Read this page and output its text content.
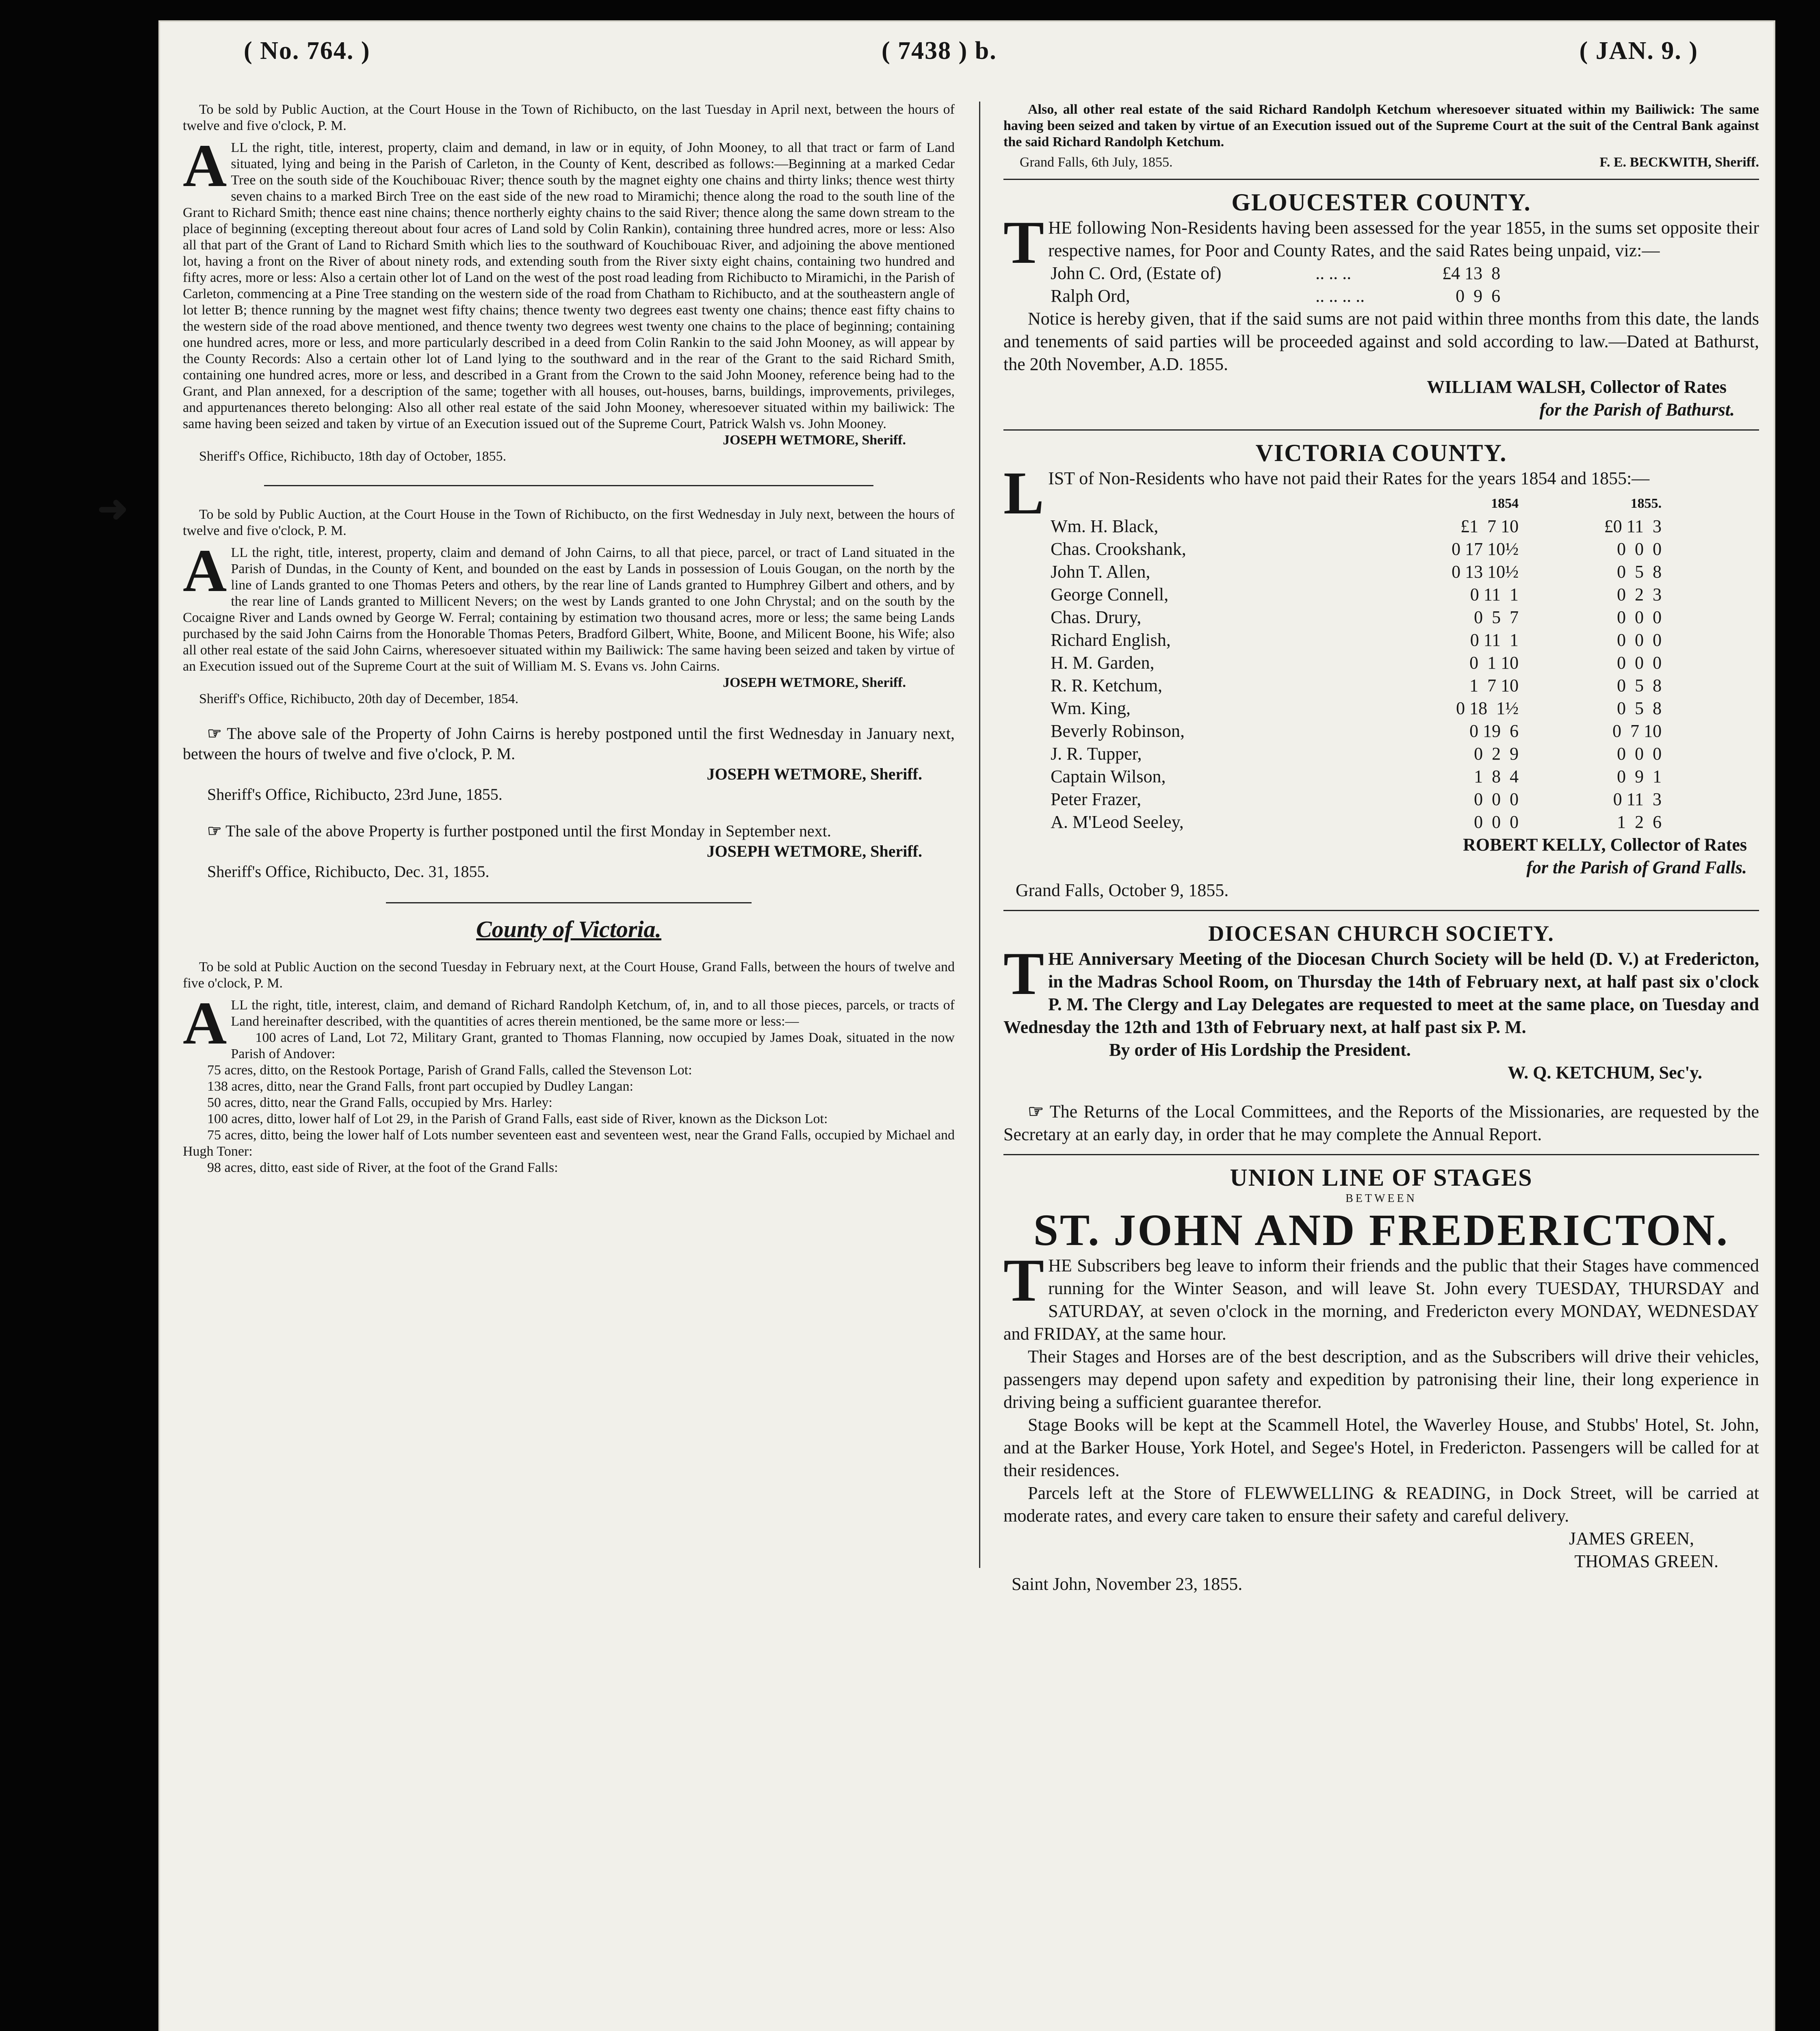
( No. 764. )	( 7438 ) b.	( JAN. 9. )

To be sold by Public Auction, at the Court House in the Town of Richibucto, on the last Tuesday in April next, between the hours of twelve and five o'clock, P. M.

ALL the right, title, interest, property, claim and demand, in law or in equity, of John Mooney, to all that tract or farm of Land situated, lying and being in the Parish of Carleton, in the County of Kent, described as follows:—Beginning at a marked Cedar Tree on the south side of the Kouchibouac River; thence south by the magnet eighty one chains and thirty links; thence west thirty seven chains to a marked Birch Tree on the east side of the new road to Miramichi; thence along the road to the south line of the Grant to Richard Smith; thence east nine chains; thence northerly eighty chains to the said River; thence along the same down stream to the place of beginning (excepting thereout about four acres of Land sold by Colin Rankin), containing three hundred acres, more or less: Also all that part of the Grant of Land to Richard Smith which lies to the southward of Kouchibouac River, and adjoining the above mentioned lot, having a front on the River of about ninety rods, and extending south from the River sixty eight chains, containing two hundred and fifty acres, more or less: Also a certain other lot of Land on the west of the post road leading from Richibucto to Miramichi, in the Parish of Carleton, commencing at a Pine Tree standing on the western side of the road from Chatham to Richibucto, and at the southeastern angle of lot letter B; thence running by the magnet west fifty chains; thence twenty two degrees east twenty one chains; thence east fifty chains to the western side of the road above mentioned, and thence twenty two degrees west twenty one chains to the place of beginning; containing one hundred acres, more or less, and more particularly described in a deed from Colin Rankin to the said John Mooney, as will appear by the County Records: Also a certain other lot of Land lying to the southward and in the rear of the Grant to the said Richard Smith, containing one hundred acres, more or less, and described in a Grant from the Crown to the said John Mooney, reference being had to the Grant, and Plan annexed, for a description of the same; together with all houses, out-houses, barns, buildings, improvements, privileges, and appurtenances thereto belonging: Also all other real estate of the said John Mooney, wheresoever situated within my bailiwick: The same having been seized and taken by virtue of an Execution issued out of the Supreme Court, Patrick Walsh vs. John Mooney.

JOSEPH WETMORE, Sheriff.

Sheriff's Office, Richibucto, 18th day of October, 1855.

To be sold by Public Auction, at the Court House in the Town of Richibucto, on the first Wednesday in July next, between the hours of twelve and five o'clock, P. M.

ALL the right, title, interest, property, claim and demand of John Cairns, to all that piece, parcel, or tract of Land situated in the Parish of Dundas, in the County of Kent, and bounded on the east by Lands in possession of Louis Gougan, on the north by the line of Lands granted to one Thomas Peters and others, by the rear line of Lands granted to Humphrey Gilbert and others, and by the rear line of Lands granted to Millicent Nevers; on the west by Lands granted to one John Chrystal; and on the south by the Cocaigne River and Lands owned by George W. Ferral; containing by estimation two thousand acres, more or less; the same being Lands purchased by the said John Cairns from the Honorable Thomas Peters, Bradford Gilbert, White, Boone, and Milicent Boone, his Wife; also all other real estate of the said John Cairns, wheresoever situated within my Bailiwick: The same having been seized and taken by virtue of an Execution issued out of the Supreme Court at the suit of William M. S. Evans vs. John Cairns.

JOSEPH WETMORE, Sheriff.

Sheriff's Office, Richibucto, 20th day of December, 1854.

☞ The above sale of the Property of John Cairns is hereby postponed until the first Wednesday in January next, between the hours of twelve and five o'clock, P. M.

JOSEPH WETMORE, Sheriff.

Sheriff's Office, Richibucto, 23rd June, 1855.

☞ The sale of the above Property is further postponed until the first Monday in September next.

JOSEPH WETMORE, Sheriff.

Sheriff's Office, Richibucto, Dec. 31, 1855.

County of Victoria.

To be sold at Public Auction on the second Tuesday in February next, at the Court House, Grand Falls, between the hours of twelve and five o'clock, P. M.

ALL the right, title, interest, claim, and demand of Richard Randolph Ketchum, of, in, and to all those pieces, parcels, or tracts of Land hereinafter described, with the quantities of acres therein mentioned, be the same more or less:—

100 acres of Land, Lot 72, Military Grant, granted to Thomas Flanning, now occupied by James Doak, situated in the now Parish of Andover:

75 acres, ditto, on the Restook Portage, Parish of Grand Falls, called the Stevenson Lot:

138 acres, ditto, near the Grand Falls, front part occupied by Dudley Langan:

50 acres, ditto, near the Grand Falls, occupied by Mrs. Harley:

100 acres, ditto, lower half of Lot 29, in the Parish of Grand Falls, east side of River, known as the Dickson Lot:

75 acres, ditto, being the lower half of Lots number seventeen east and seventeen west, near the Grand Falls, occupied by Michael and Hugh Toner:

98 acres, ditto, east side of River, at the foot of the Grand Falls:

Also, all other real estate of the said Richard Randolph Ketchum wheresoever situated within my Bailiwick: The same having been seized and taken by virtue of an Execution issued out of the Supreme Court at the suit of the Central Bank against the said Richard Randolph Ketchum.

Grand Falls, 6th July, 1855.	F. E. BECKWITH, Sheriff.
GLOUCESTER COUNTY.

THE following Non-Residents having been assessed for the year 1855, in the sums set opposite their respective names, for Poor and County Rates, and the said Rates being unpaid, viz:—

John C. Ord, (Estate of)	.. .. ..	£4 13  8
Ralph Ord,	.. .. .. ..	0  9  6

Notice is hereby given, that if the said sums are not paid within three months from this date, the lands and tenements of said parties will be proceeded against and sold according to law.—Dated at Bathurst, the 20th November, A.D. 1855.

WILLIAM WALSH, Collector of Rates

for the Parish of Bathurst.

VICTORIA COUNTY.

LIST of Non-Residents who have not paid their Rates for the years 1854 and 1855:—

	1854	1855.
Wm. H. Black,	£1  7 10	£0 11  3
Chas. Crookshank,	0 17 10½	0  0  0
John T. Allen,	0 13 10½	0  5  8
George Connell,	0 11  1	0  2  3
Chas. Drury,	0  5  7	0  0  0
Richard English,	0 11  1	0  0  0
H. M. Garden,	0  1 10	0  0  0
R. R. Ketchum,	1  7 10	0  5  8
Wm. King,	0 18  1½	0  5  8
Beverly Robinson,	0 19  6	0  7 10
J. R. Tupper,	0  2  9	0  0  0
Captain Wilson,	1  8  4	0  9  1
Peter Frazer,	0  0  0	0 11  3
A. M'Leod Seeley,	0  0  0	1  2  6

ROBERT KELLY, Collector of Rates

for the Parish of Grand Falls.

Grand Falls, October 9, 1855.

DIOCESAN CHURCH SOCIETY.

THE Anniversary Meeting of the Diocesan Church Society will be held (D. V.) at Fredericton, in the Madras School Room, on Thursday the 14th of February next, at half past six o'clock P. M. The Clergy and Lay Delegates are requested to meet at the same place, on Tuesday and Wednesday the 12th and 13th of February next, at half past six P. M.

By order of His Lordship the President.

W. Q. KETCHUM, Sec'y.

☞ The Returns of the Local Committees, and the Reports of the Missionaries, are requested by the Secretary at an early day, in order that he may complete the Annual Report.

UNION LINE OF STAGES
BETWEEN
ST. JOHN AND FREDERICTON.

THE Subscribers beg leave to inform their friends and the public that their Stages have commenced running for the Winter Season, and will leave St. John every TUESDAY, THURSDAY and SATURDAY, at seven o'clock in the morning, and Fredericton every MONDAY, WEDNESDAY and FRIDAY, at the same hour.

Their Stages and Horses are of the best description, and as the Subscribers will drive their vehicles, passengers may depend upon safety and expedition by patronising their line, their long experience in driving being a sufficient guarantee therefor.

Stage Books will be kept at the Scammell Hotel, the Waverley House, and Stubbs' Hotel, St. John, and at the Barker House, York Hotel, and Segee's Hotel, in Fredericton. Passengers will be called for at their residences.

Parcels left at the Store of FLEWWELLING & READING, in Dock Street, will be carried at moderate rates, and every care taken to ensure their safety and careful delivery.

JAMES GREEN,

THOMAS GREEN.

Saint John, November 23, 1855.

➜
